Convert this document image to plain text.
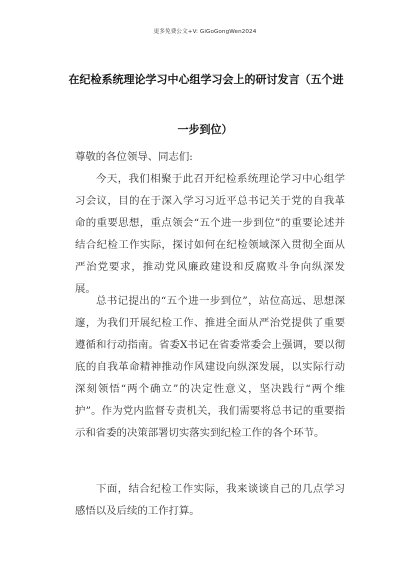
更多免费公文+V: GiGoGongWen2024
在纪检系统理论学习中心组学习会上的研讨发言（五个进
一步到位）
尊敬的各位领导、同志们:

今天，我们相聚于此召开纪检系统理论学习中心组学习会议，目的在于深入学习习近平总书记关于党的自我革命的重要思想，重点领会“五个进一步到位”的重要论述并结合纪检工作实际，探讨如何在纪检领域深入贯彻全面从严治党要求，推动党风廉政建设和反腐败斗争向纵深发展。

总书记提出的“五个进一步到位”，站位高远、思想深邃，为我们开展纪检工作、推进全面从严治党提供了重要遵循和行动指南。省委X书记在省委常委会上强调，要以彻底的自我革命精神推动作风建设向纵深发展，以实际行动深刻领悟“两个确立”的决定性意义，坚决践行“两个维护”。作为党内监督专责机关，我们需要将总书记的重要指示和省委的决策部署切实落实到纪检工作的各个环节。

下面，结合纪检工作实际，我来谈谈自己的几点学习感悟以及后续的工作打算。
